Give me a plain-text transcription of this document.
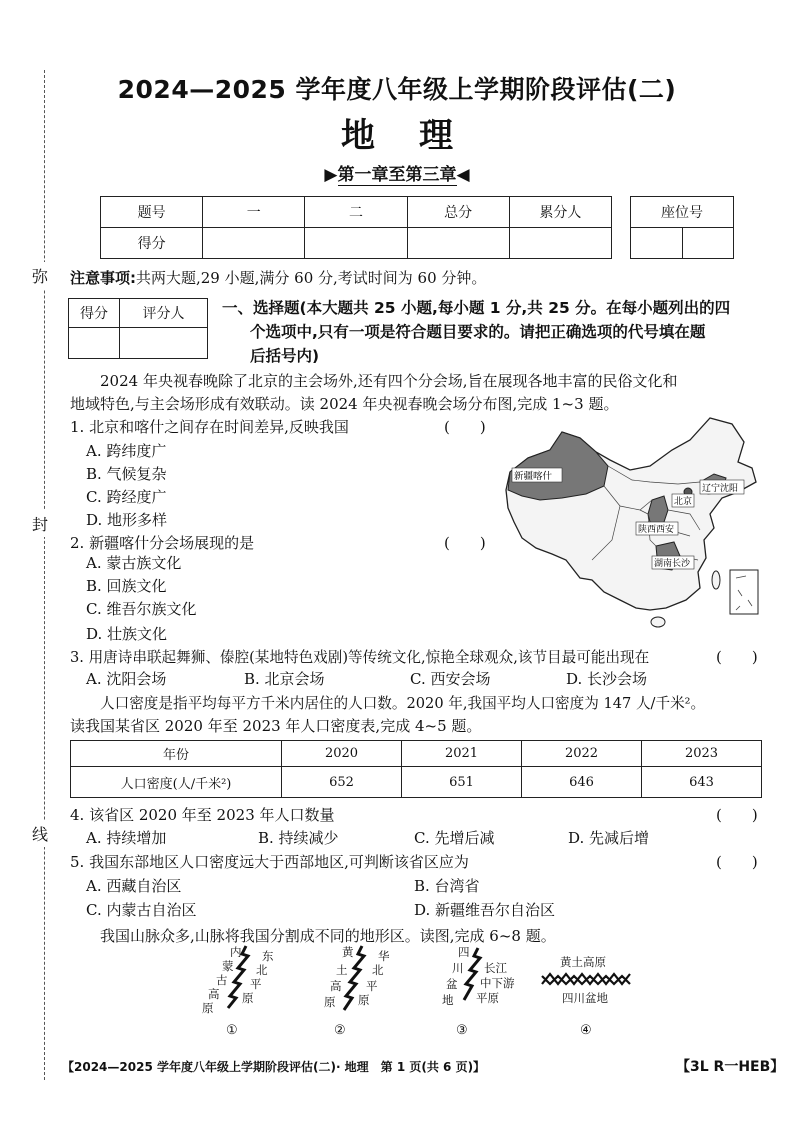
弥
封
线
2024—2025 学年度八年级上学期阶段评估(二)
地理
▶第一章至第三章◀
题号	一	二	总分	累分人
得分				
座位号

注意事项:共两大题,29 小题,满分 60 分,考试时间为 60 分钟。
得分	评分人
	一、选择题(本大题共 25 小题,每小题 1 分,共 25 分。在每小题列出的四
个选项中,只有一项是符合题目要求的。请把正确选项的代号填在题
后括号内)
2024 年央视春晚除了北京的主会场外,还有四个分会场,旨在展现各地丰富的民俗文化和
地域特色,与主会场形成有效联动。读 2024 年央视春晚会场分布图,完成 1~3 题。
1. 北京和喀什之间存在时间差异,反映我国	(　　)
A. 跨纬度广
B. 气候复杂
C. 跨经度广
D. 地形多样
2. 新疆喀什分会场展现的是	(　　)
A. 蒙古族文化
B. 回族文化
C. 维吾尔族文化
D. 壮族文化
新疆喀什
辽宁沈阳
北京
陕西西安
湖南长沙
3. 用唐诗串联起舞狮、傣腔(某地特色戏剧)等传统文化,惊艳全球观众,该节目最可能出现在	(　　)
A. 沈阳会场	B. 北京会场	C. 西安会场	D. 长沙会场
人口密度是指平均每平方千米内居住的人口数。2020 年,我国平均人口密度为 147 人/千米²。
读我国某省区 2020 年至 2023 年人口密度表,完成 4~5 题。
年份	2020	2021	2022	2023
人口密度(人/千米²)	652	651	646	643
4. 该省区 2020 年至 2023 年人口数量	(　　)
A. 持续增加	B. 持续减少	C. 先增后减	D. 先减后增
5. 我国东部地区人口密度远大于西部地区,可判断该省区应为	(　　)
A. 西藏自治区	B. 台湾省
C. 内蒙古自治区	D. 新疆维吾尔自治区
我国山脉众多,山脉将我国分割成不同的地形区。读图,完成 6~8 题。
内
蒙
古
高
原
东
北
平
原
①
黄
土
高
原
华
北
平
原
②
四
川
盆
地
长江
中下游
平原
③
黄土高原
四川盆地
④
【2024—2025 学年度八年级上学期阶段评估(二)· 地理　第 1 页(共 6 页)】	【3L R一HEB】
